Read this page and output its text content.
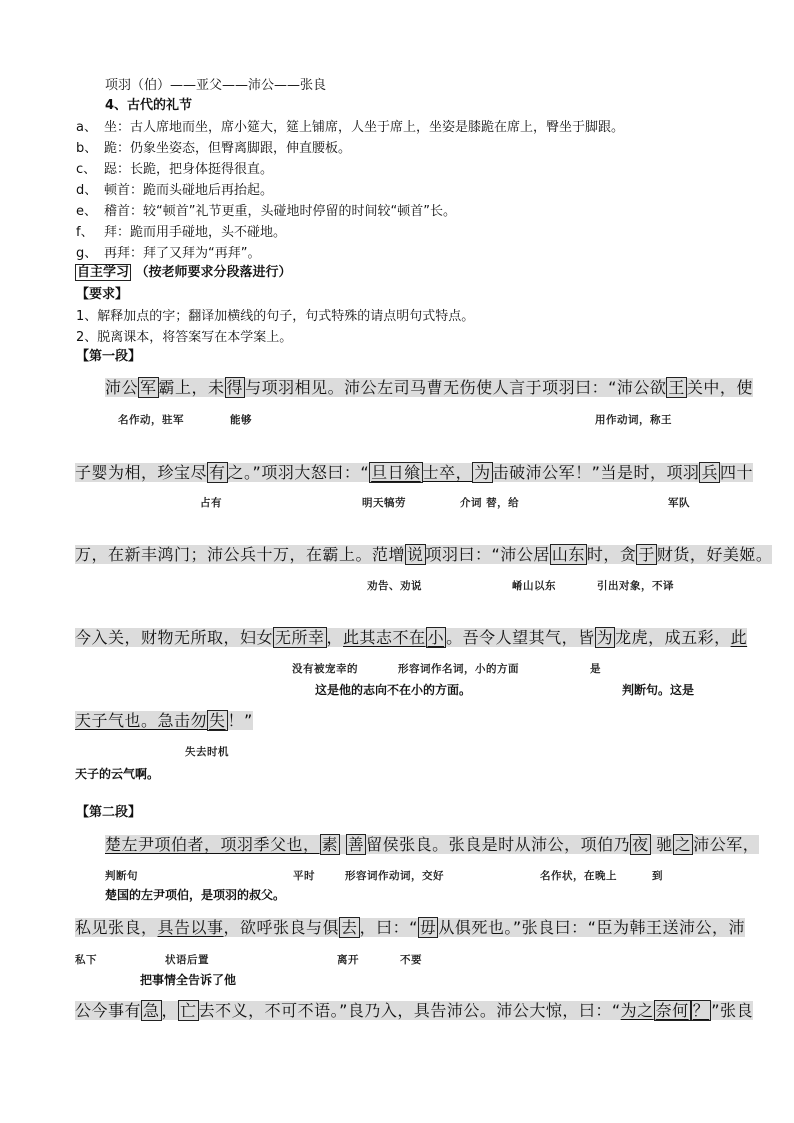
项羽（伯）——亚父——沛公——张良
4、古代的礼节
a、 坐：古人席地而坐，席小筵大，筵上铺席，人坐于席上，坐姿是膝跪在席上，臀坐于脚跟。
b、 跪：仍象坐姿态，但臀离脚跟，伸直腰板。
c、 跽：长跪，把身体挺得很直。
d、 顿首：跪而头碰地后再抬起。
e、 稽首：较“顿首”礼节更重，头碰地时停留的时间较“顿首”长。
f、 拜：跪而用手碰地，头不碰地。
g、 再拜：拜了又拜为“再拜”。
自主学习 （按老师要求分段落进行）
【要求】
1、解释加点的字；翻译加横线的句子，句式特殊的请点明句式特点。
2、脱离课本，将答案写在本学案上。
【第一段】
沛公 军 霸上，未 得 与项羽相见。沛公左司马曹无伤使人言于项羽曰：“沛公欲 王 关中，使
名作动，驻军	能够	用作动词，称王
子婴为相，珍宝尽 有 之。”项羽大怒曰：“ 旦日飨 士卒， 为 击破沛公军！”当是时，项羽 兵 四十
占有	明天犒劳	介词 替，给	军队
万，在新丰鸿门；沛公兵十万，在霸上。范增 说 项羽曰：“沛公居 山东 时，贪 于 财货，好美姬。
劝告、劝说	崤山以东	引出对象，不译
今入关，财物无所取，妇女 无所幸 ，此其志不在 小 。吾令人望其气，皆 为 龙虎，成五彩，此
没有被宠幸的	形容词作名词，小的方面	是
这是他的志向不在小的方面。	判断句。这是
天子气也。急击勿 失 ！”
失去时机
天子的云气啊。
【第二段】
楚左尹项伯者，项羽季父也， 素 善 留侯张良。张良是时从沛公，项伯乃 夜 驰 之 沛公军，
判断句	平时	形容词作动词，交好	名作状，在晚上	到
楚国的左尹项伯，是项羽的叔父。
私见张良，具告以事，欲呼张良与俱 去 ，曰：“ 毋 从俱死也。”张良曰：“臣为韩王送沛公，沛
私下	状语后置	离开	不要
把事情全告诉了他
公今事有 急 ， 亡 去不义，不可不语。”良乃入，具告沛公。沛公大惊，曰：“为之 奈何 ？ ”张良
